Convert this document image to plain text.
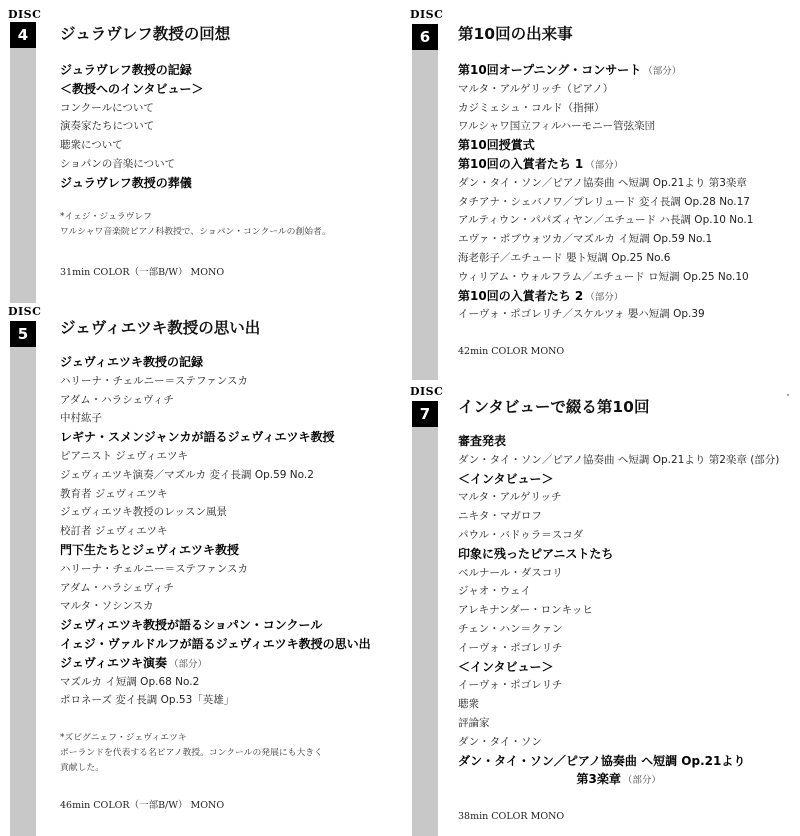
DISC
4	ジュラヴレフ教授の回想
ジュラヴレフ教授の記録
＜教授へのインタビュー＞
コンクールについて
演奏家たちについて
聴衆について
ショパンの音楽について
ジュラヴレフ教授の葬儀
*イェジ・ジュラヴレフ
ワルシャワ音楽院ピアノ科教授で、ショパン・コンクールの創始者。
31min COLOR（一部B/W） MONO
DISC
5	ジェヴィエツキ教授の思い出
ジェヴィエツキ教授の記録
ハリーナ・チェルニー＝ステファンスカ
アダム・ハラシェヴィチ
中村紘子
レギナ・スメンジャンカが語るジェヴィエツキ教授
ピアニスト ジェヴィエツキ
ジェヴィエツキ演奏／マズルカ 変イ長調 Op.59 No.2
教育者 ジェヴィエツキ
ジェヴィエツキ教授のレッスン風景
校訂者 ジェヴィエツキ
門下生たちとジェヴィエツキ教授
ハリーナ・チェルニー＝ステファンスカ
アダム・ハラシェヴィチ
マルタ・ソシンスカ
ジェヴィエツキ教授が語るショパン・コンクール
イェジ・ヴァルドルフが語るジェヴィエツキ教授の思い出
ジェヴィエツキ演奏 （部分）
マズルカ イ短調 Op.68 No.2
ポロネーズ 変イ長調 Op.53「英雄」
*ズビグニェフ・ジェヴィエツキ
ポーランドを代表する名ピアノ教授。コンクールの発展にも大きく
貢献した。
46min COLOR（一部B/W） MONO
DISC
6	第10回の出来事
第10回オープニング・コンサート （部分）
マルタ・アルゲリッチ（ピアノ）
カジミェシュ・コルド（指揮）
ワルシャワ国立フィルハーモニー管弦楽団
第10回授賞式
第10回の入賞者たち 1 （部分）
ダン・タイ・ソン／ピアノ協奏曲 ヘ短調 Op.21より 第3楽章
タチアナ・シェバノワ／プレリュード 変イ長調 Op.28 No.17
アルティウン・パパズィヤン／エチュード ハ長調 Op.10 No.1
エヴァ・ポブウォツカ／マズルカ イ短調 Op.59 No.1
海老彰子／エチュード 嬰ト短調 Op.25 No.6
ウィリアム・ウォルフラム／エチュード ロ短調 Op.25 No.10
第10回の入賞者たち 2 （部分）
イーヴォ・ポゴレリチ／スケルツォ 嬰ハ短調 Op.39
42min COLOR MONO
DISC
7	インタビューで綴る第10回
審査発表
ダン・タイ・ソン／ピアノ協奏曲 ヘ短調 Op.21より 第2楽章 (部分)
＜インタビュー＞
マルタ・アルゲリッチ
ニキタ・マガロフ
パウル・バドゥラ＝スコダ
印象に残ったピアニストたち
ベルナール・ダスコリ
ジャオ・ウェイ
アレキナンダー・ロンキッヒ
チェン・ハン＝クァン
イーヴォ・ポゴレリチ
＜インタビュー＞
イーヴォ・ポゴレリチ
聴衆
評論家
ダン・タイ・ソン
ダン・タイ・ソン／ピアノ協奏曲 ヘ短調 Op.21より
第3楽章 （部分）
38min COLOR MONO
